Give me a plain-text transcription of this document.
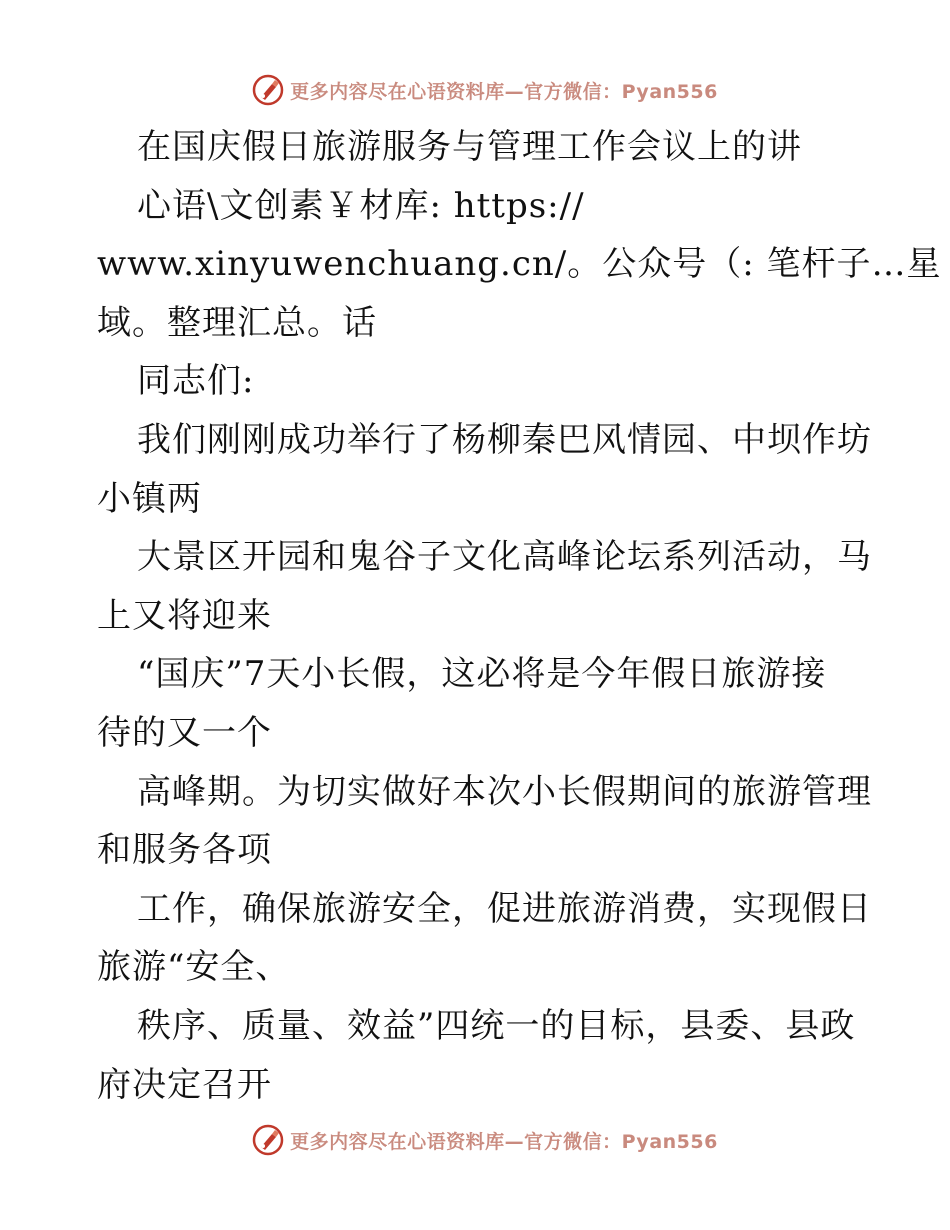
更多内容尽在心语资料库—官方微信：Pyan556
在国庆假日旅游服务与管理工作会议上的讲
心语\文创素￥材库: https://
www.xinyuwenchuang.cn/。公众号（: 笔杆子…星
域。整理汇总。话
同志们:
我们刚刚成功举行了杨柳秦巴风情园、中坝作坊
小镇两
大景区开园和鬼谷子文化高峰论坛系列活动，马
上又将迎来
“国庆”7天小长假，这必将是今年假日旅游接
待的又一个
高峰期。为切实做好本次小长假期间的旅游管理
和服务各项
工作，确保旅游安全，促进旅游消费，实现假日
旅游“安全、
秩序、质量、效益”四统一的目标，县委、县政
府决定召开
更多内容尽在心语资料库—官方微信：Pyan556
